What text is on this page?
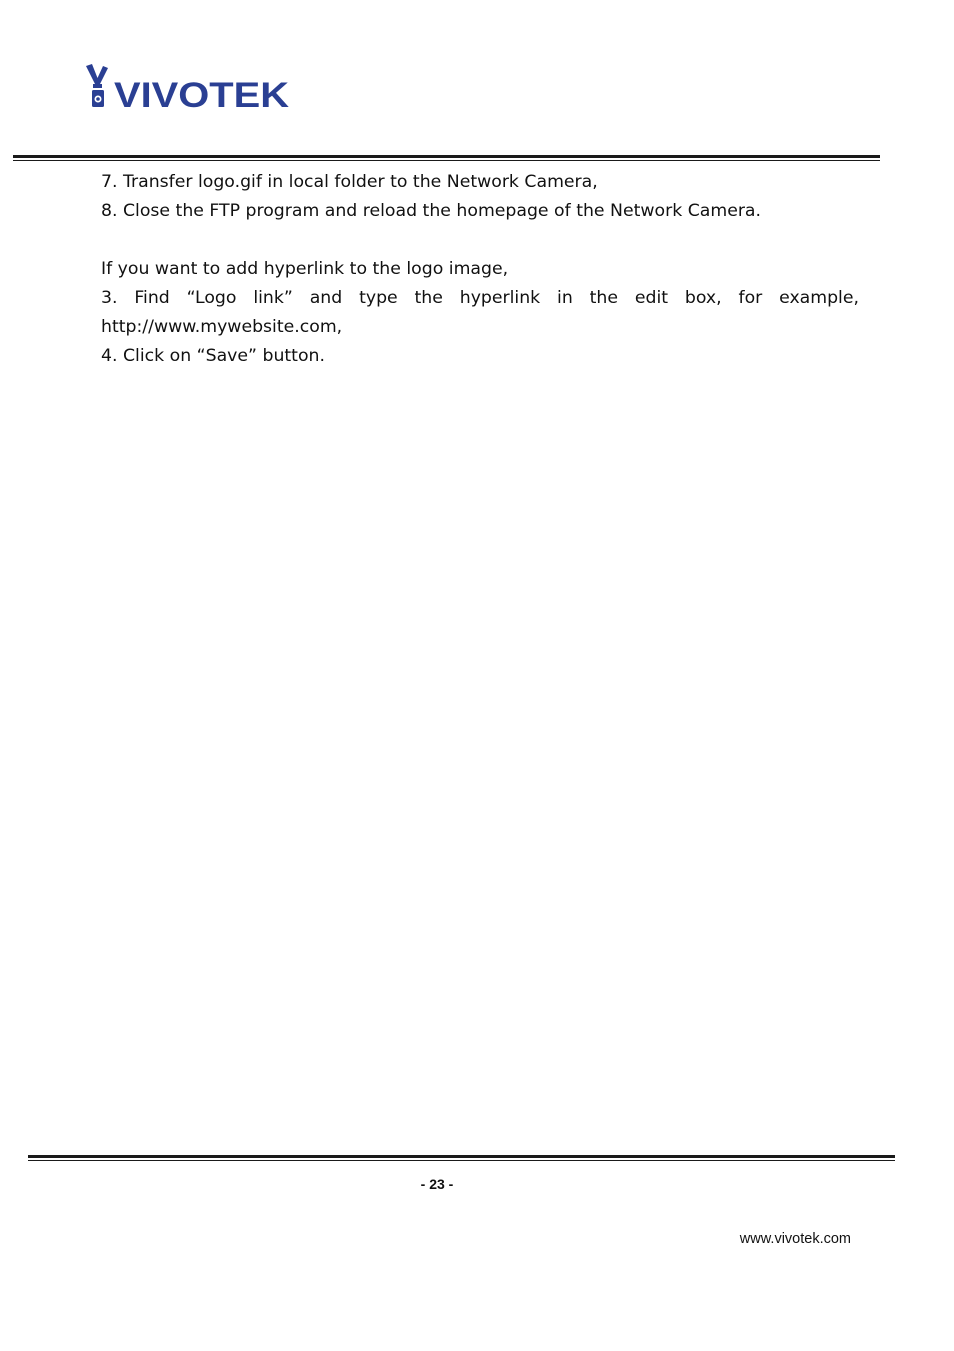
VIVOTEK

7. Transfer logo.gif in local folder to the Network Camera,

8. Close the FTP program and reload the homepage of the Network Camera.

If you want to add hyperlink to the logo image,

3. Find “Logo link” and type the hyperlink in the edit box, for example,

http://www.mywebsite.com,

4. Click on “Save” button.

- 23 -
www.vivotek.com
